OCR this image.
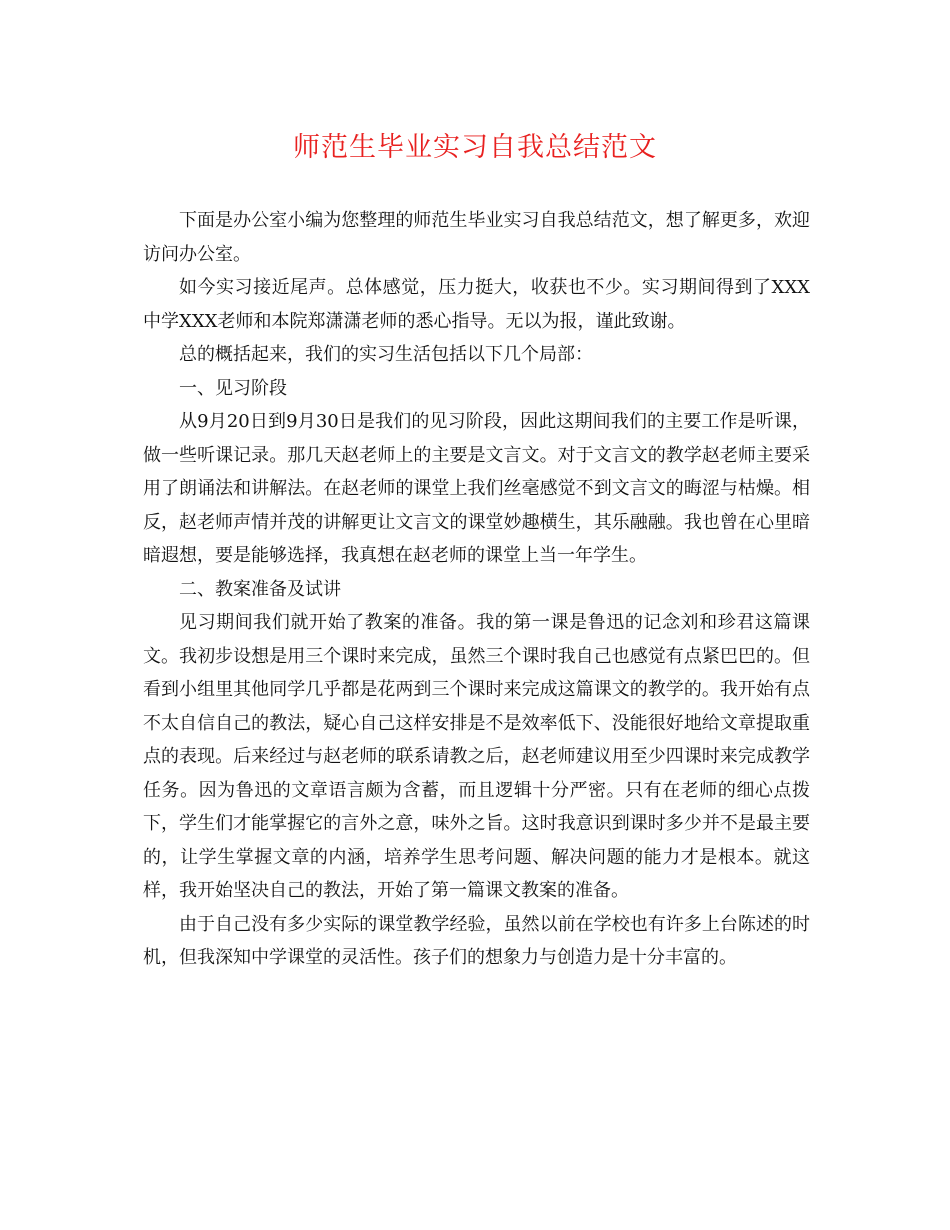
师范生毕业实习自我总结范文

下面是办公室小编为您整理的师范生毕业实习自我总结范文，想了解更多，欢迎访问办公室。

如今实习接近尾声。总体感觉，压力挺大，收获也不少。实习期间得到了XXX中学XXX老师和本院郑潇潇老师的悉心指导。无以为报，谨此致谢。

总的概括起来，我们的实习生活包括以下几个局部：

一、见习阶段

从9月20日到9月30日是我们的见习阶段，因此这期间我们的主要工作是听课，做一些听课记录。那几天赵老师上的主要是文言文。对于文言文的教学赵老师主要采用了朗诵法和讲解法。在赵老师的课堂上我们丝毫感觉不到文言文的晦涩与枯燥。相反，赵老师声情并茂的讲解更让文言文的课堂妙趣横生，其乐融融。我也曾在心里暗暗遐想，要是能够选择，我真想在赵老师的课堂上当一年学生。

二、教案准备及试讲

见习期间我们就开始了教案的准备。我的第一课是鲁迅的记念刘和珍君这篇课文。我初步设想是用三个课时来完成，虽然三个课时我自己也感觉有点紧巴巴的。但看到小组里其他同学几乎都是花两到三个课时来完成这篇课文的教学的。我开始有点不太自信自己的教法，疑心自己这样安排是不是效率低下、没能很好地给文章提取重点的表现。后来经过与赵老师的联系请教之后，赵老师建议用至少四课时来完成教学任务。因为鲁迅的文章语言颇为含蓄，而且逻辑十分严密。只有在老师的细心点拨下，学生们才能掌握它的言外之意，味外之旨。这时我意识到课时多少并不是最主要的，让学生掌握文章的内涵，培养学生思考问题、解决问题的能力才是根本。就这样，我开始坚决自己的教法，开始了第一篇课文教案的准备。

由于自己没有多少实际的课堂教学经验，虽然以前在学校也有许多上台陈述的时机，但我深知中学课堂的灵活性。孩子们的想象力与创造力是十分丰富的。
